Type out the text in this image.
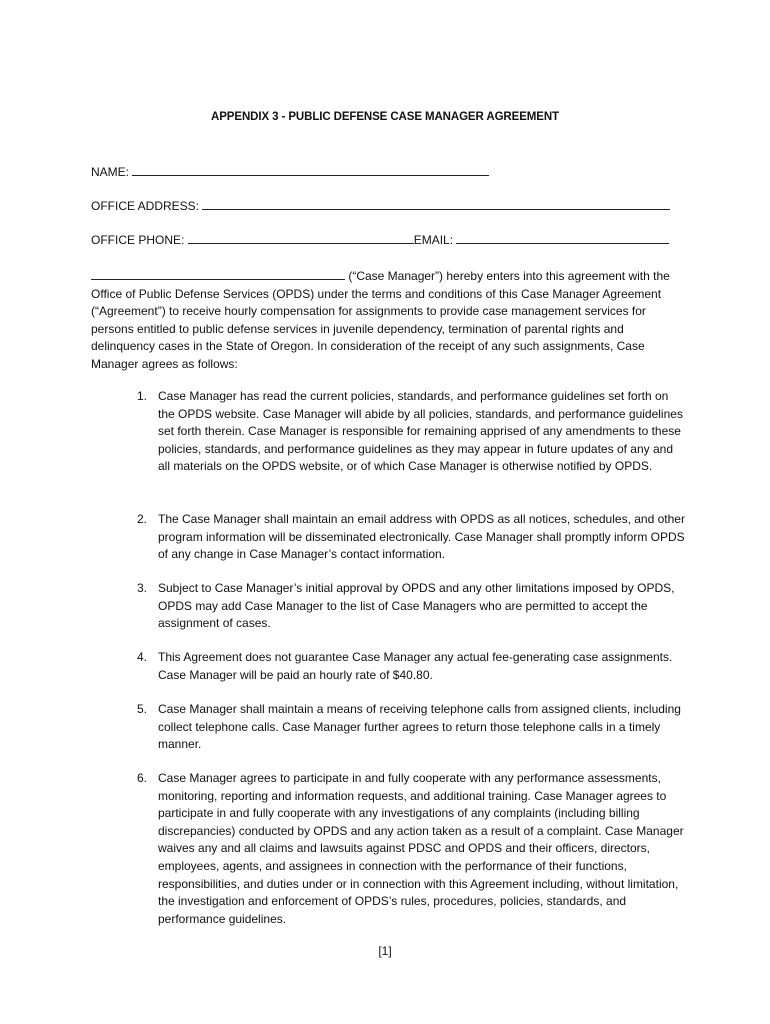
APPENDIX 3 - PUBLIC DEFENSE CASE MANAGER AGREEMENT
NAME:
OFFICE ADDRESS:
OFFICE PHONE:	EMAIL:
(“Case Manager”) hereby enters into this agreement with the Office of Public Defense Services (OPDS) under the terms and conditions of this Case Manager Agreement (“Agreement”) to receive hourly compensation for assignments to provide case management services for persons entitled to public defense services in juvenile dependency, termination of parental rights and delinquency cases in the State of Oregon. In consideration of the receipt of any such assignments, Case Manager agrees as follows:
1. Case Manager has read the current policies, standards, and performance guidelines set forth on the OPDS website. Case Manager will abide by all policies, standards, and performance guidelines set forth therein. Case Manager is responsible for remaining apprised of any amendments to these policies, standards, and performance guidelines as they may appear in future updates of any and all materials on the OPDS website, or of which Case Manager is otherwise notified by OPDS.
2. The Case Manager shall maintain an email address with OPDS as all notices, schedules, and other program information will be disseminated electronically. Case Manager shall promptly inform OPDS of any change in Case Manager’s contact information.
3. Subject to Case Manager’s initial approval by OPDS and any other limitations imposed by OPDS, OPDS may add Case Manager to the list of Case Managers who are permitted to accept the assignment of cases.
4. This Agreement does not guarantee Case Manager any actual fee-generating case assignments. Case Manager will be paid an hourly rate of $40.80.
5. Case Manager shall maintain a means of receiving telephone calls from assigned clients, including collect telephone calls. Case Manager further agrees to return those telephone calls in a timely manner.
6. Case Manager agrees to participate in and fully cooperate with any performance assessments, monitoring, reporting and information requests, and additional training. Case Manager agrees to participate in and fully cooperate with any investigations of any complaints (including billing discrepancies) conducted by OPDS and any action taken as a result of a complaint. Case Manager waives any and all claims and lawsuits against PDSC and OPDS and their officers, directors, employees, agents, and assignees in connection with the performance of their functions, responsibilities, and duties under or in connection with this Agreement including, without limitation, the investigation and enforcement of OPDS’s rules, procedures, policies, standards, and performance guidelines.
[1]
